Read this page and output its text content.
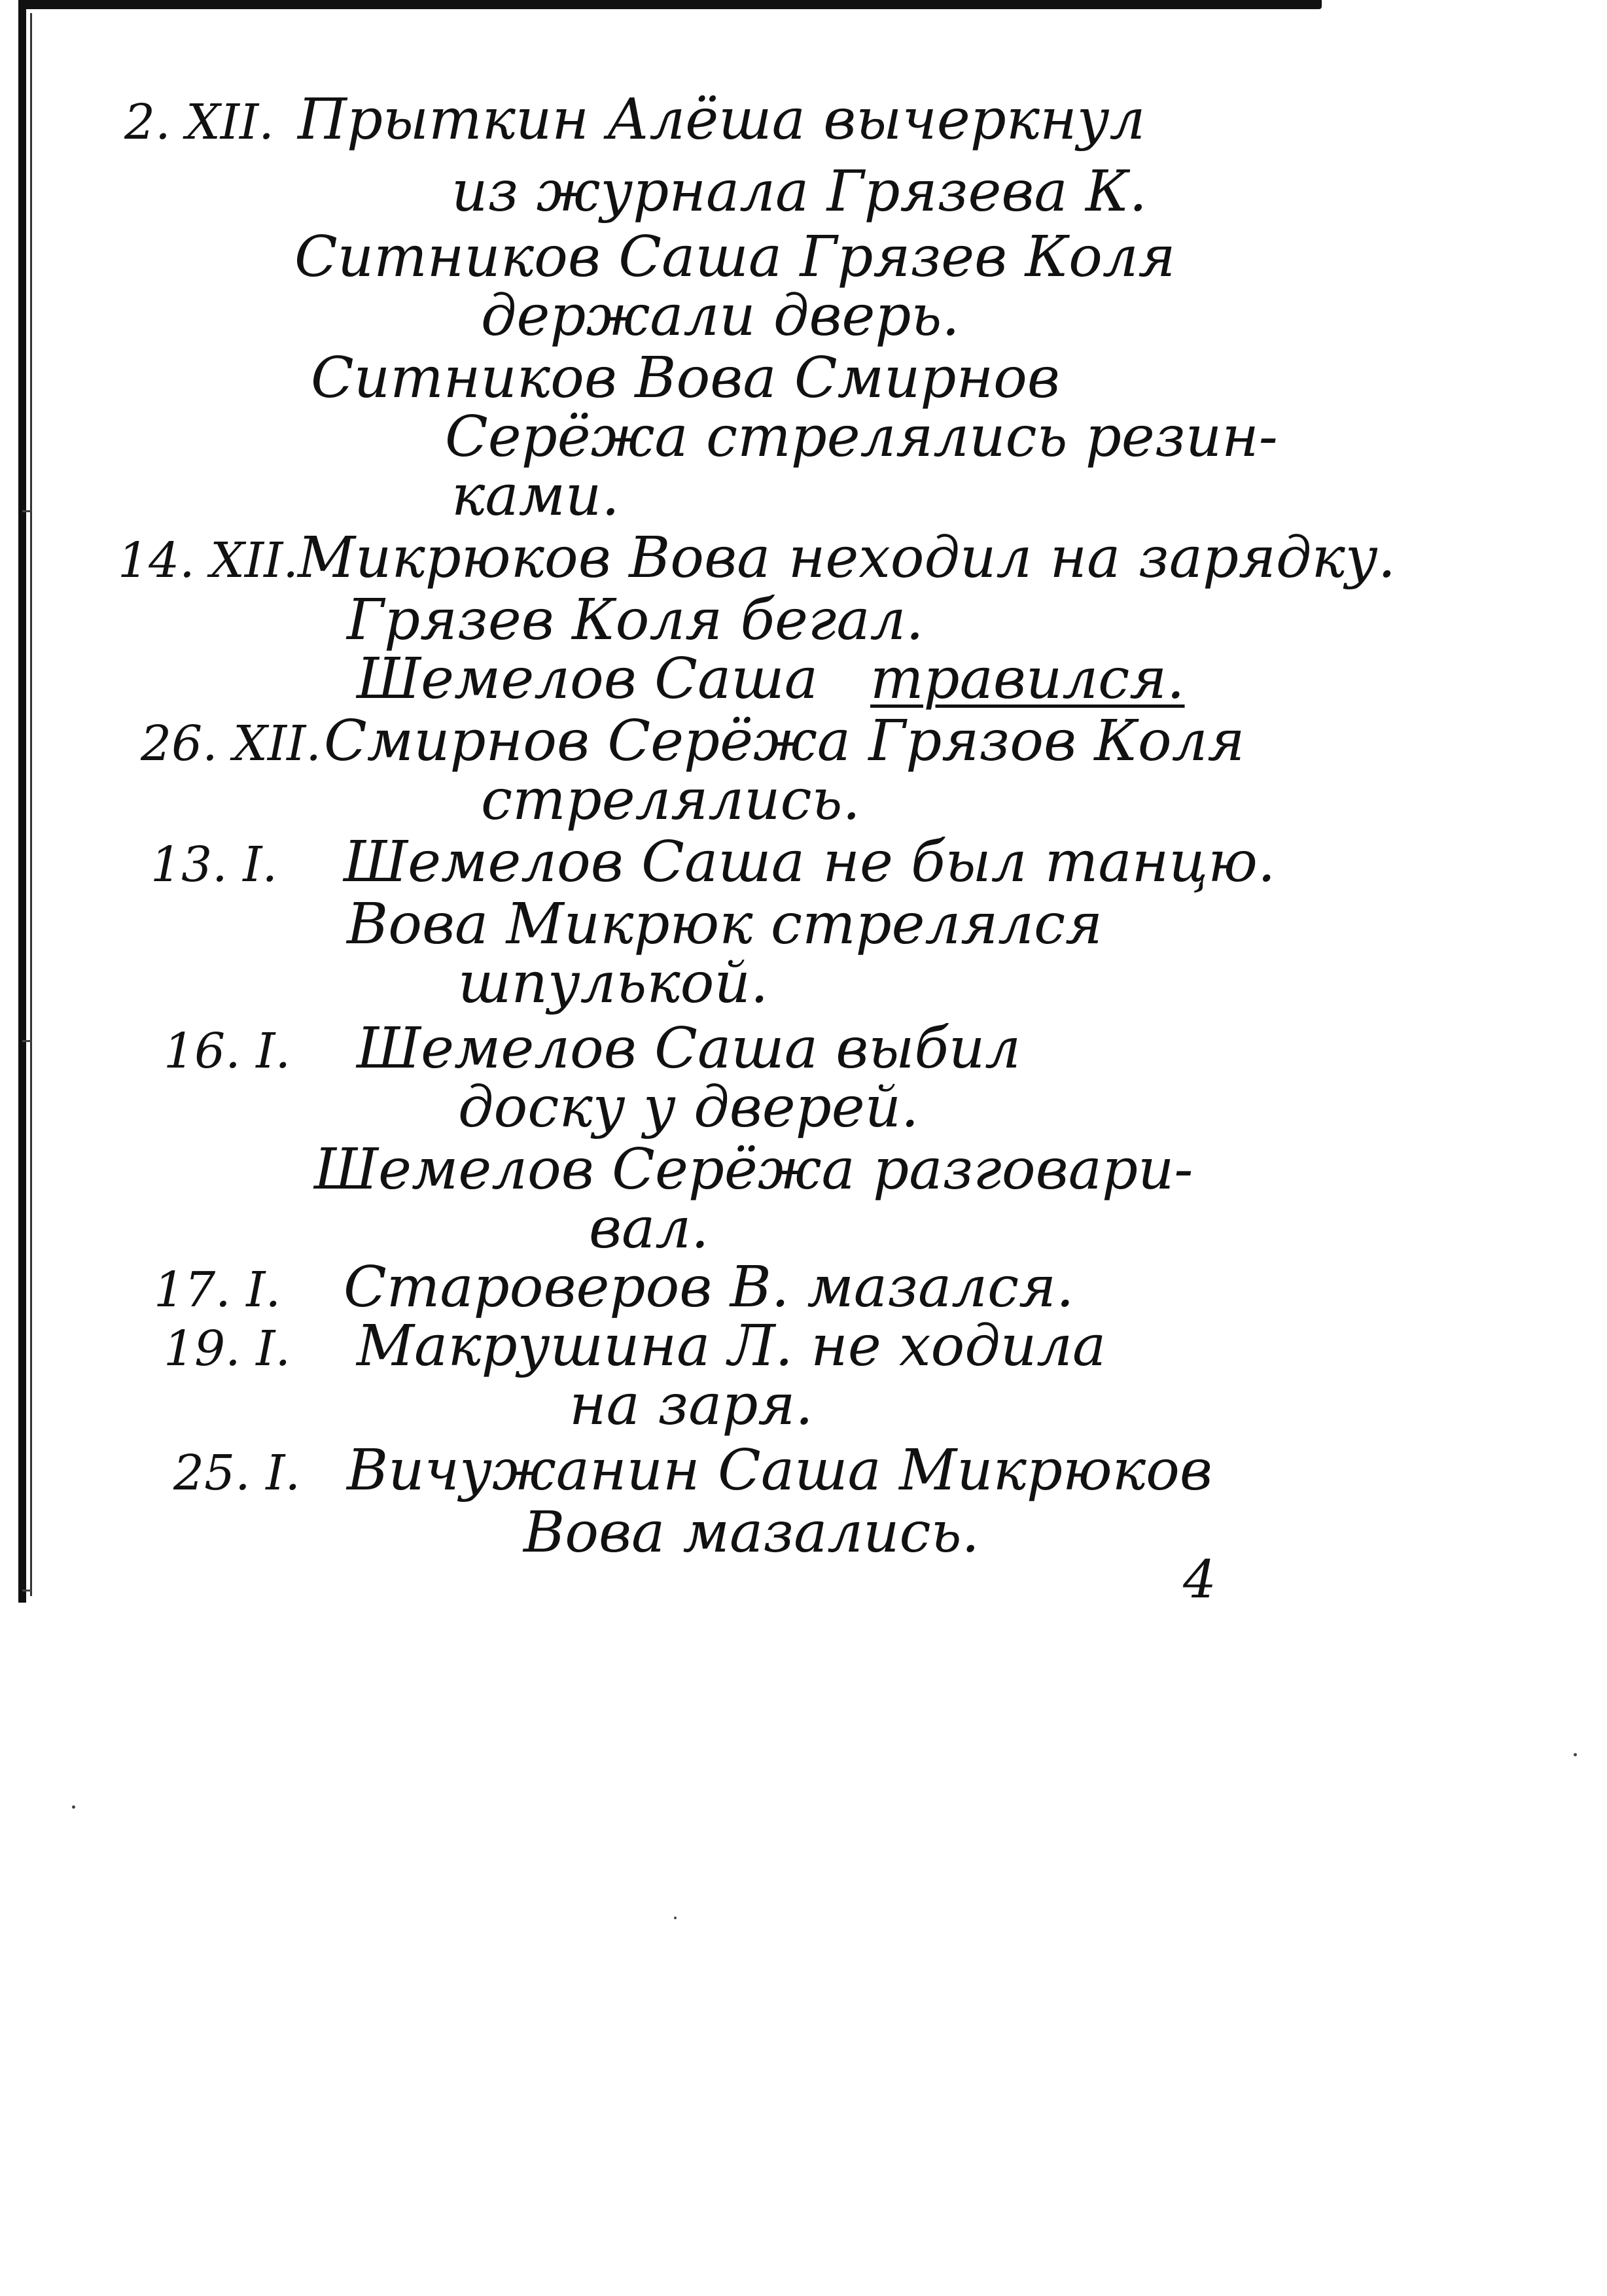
2. XII. Прыткин Алёша вычеркнул
из журнала Грязева К.
Ситников Саша Грязев Коля
держали дверь.
Ситников Вова Смирнов
Серёжа стрелялись резин-
ками.
14. XII. Микрюков Вова неходил на зарядку.
Грязев Коля бегал.
Шемелов Саша травился.
26. XII. Смирнов Серёжа Грязов Коля
стрелялись.
13. I. Шемелов Саша не был танцю.
Вова Микрюк стрелялся
шпулькой.
16. I. Шемелов Саша выбил
доску у дверей.
Шемелов Серёжа разговари-
вал.
17. I. Староверов В. мазался.
19. I. Макрушина Л. не ходила
на заря.
25. I. Вичужанин Саша Микрюков
Вова мазались.
4
